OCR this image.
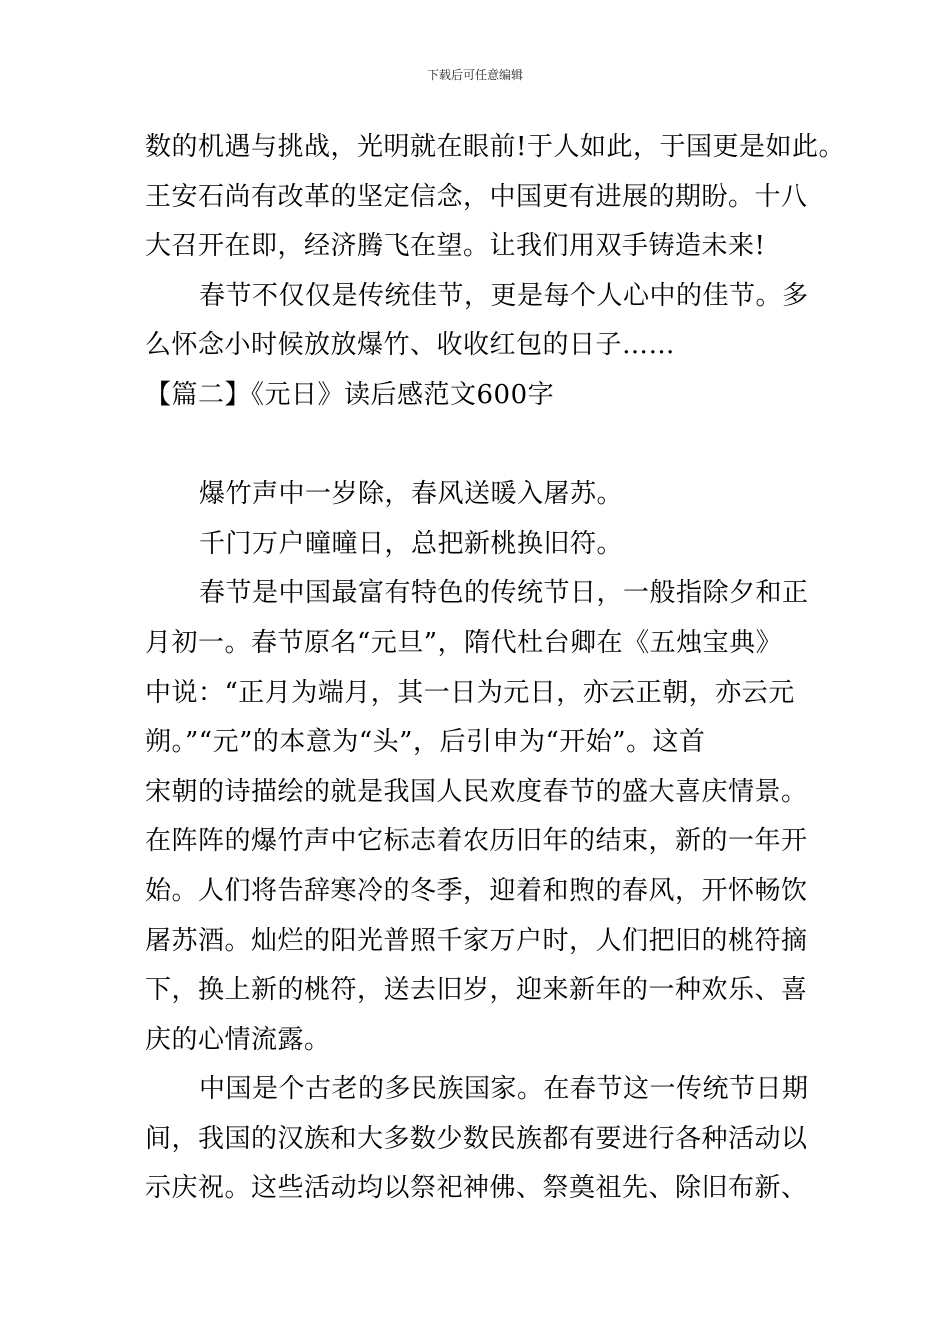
下载后可任意编辑
数的机遇与挑战，光明就在眼前!于人如此，于国更是如此。
王安石尚有改革的坚定信念，中国更有进展的期盼。十八
大召开在即，经济腾飞在望。让我们用双手铸造未来!
春节不仅仅是传统佳节，更是每个人心中的佳节。多
么怀念小时候放放爆竹、收收红包的日子……
【篇二】《元日》读后感范文600字
爆竹声中一岁除，春风送暖入屠苏。
千门万户曈曈日，总把新桃换旧符。
春节是中国最富有特色的传统节日，一般指除夕和正
月初一。春节原名“元旦”，隋代杜台卿在《五烛宝典》
中说：“正月为端月，其一日为元日，亦云正朝，亦云元
朔。”“元”的本意为“头”，后引申为“开始”。这首
宋朝的诗描绘的就是我国人民欢度春节的盛大喜庆情景。
在阵阵的爆竹声中它标志着农历旧年的结束，新的一年开
始。人们将告辞寒冷的冬季，迎着和煦的春风，开怀畅饮
屠苏酒。灿烂的阳光普照千家万户时，人们把旧的桃符摘
下，换上新的桃符，送去旧岁，迎来新年的一种欢乐、喜
庆的心情流露。
中国是个古老的多民族国家。在春节这一传统节日期
间，我国的汉族和大多数少数民族都有要进行各种活动以
示庆祝。这些活动均以祭祀神佛、祭奠祖先、除旧布新、
